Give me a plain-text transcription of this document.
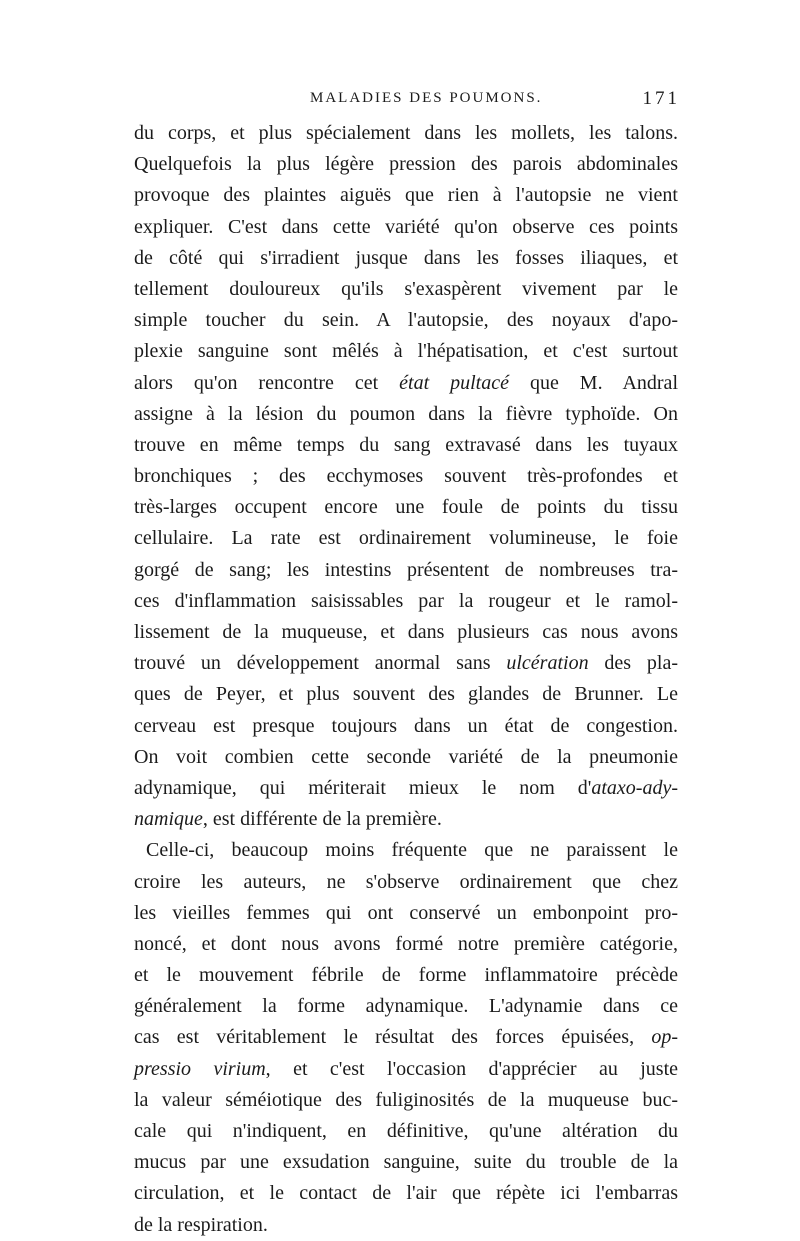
MALADIES DES POUMONS.	171
du corps, et plus spécialement dans les mollets, les talons.
Quelquefois la plus légère pression des parois abdominales
provoque des plaintes aiguës que rien à l'autopsie ne vient
expliquer. C'est dans cette variété qu'on observe ces points
de côté qui s'irradient jusque dans les fosses iliaques, et
tellement douloureux qu'ils s'exaspèrent vivement par le
simple toucher du sein. A l'autopsie, des noyaux d'apo-
plexie sanguine sont mêlés à l'hépatisation, et c'est surtout
alors qu'on rencontre cet état pultacé que M. Andral
assigne à la lésion du poumon dans la fièvre typhoïde. On
trouve en même temps du sang extravasé dans les tuyaux
bronchiques ; des ecchymoses souvent très-profondes et
très-larges occupent encore une foule de points du tissu
cellulaire. La rate est ordinairement volumineuse, le foie
gorgé de sang; les intestins présentent de nombreuses tra-
ces d'inflammation saisissables par la rougeur et le ramol-
lissement de la muqueuse, et dans plusieurs cas nous avons
trouvé un développement anormal sans ulcération des pla-
ques de Peyer, et plus souvent des glandes de Brunner. Le
cerveau est presque toujours dans un état de congestion.
On voit combien cette seconde variété de la pneumonie
adynamique, qui mériterait mieux le nom d'ataxo-ady-
namique, est différente de la première.
Celle-ci, beaucoup moins fréquente que ne paraissent le
croire les auteurs, ne s'observe ordinairement que chez
les vieilles femmes qui ont conservé un embonpoint pro-
noncé, et dont nous avons formé notre première catégorie,
et le mouvement fébrile de forme inflammatoire précède
généralement la forme adynamique. L'adynamie dans ce
cas est véritablement le résultat des forces épuisées, op-
pressio virium, et c'est l'occasion d'apprécier au juste
la valeur séméiotique des fuliginosités de la muqueuse buc-
cale qui n'indiquent, en définitive, qu'une altération du
mucus par une exsudation sanguine, suite du trouble de la
circulation, et le contact de l'air que répète ici l'embarras
de la respiration.
